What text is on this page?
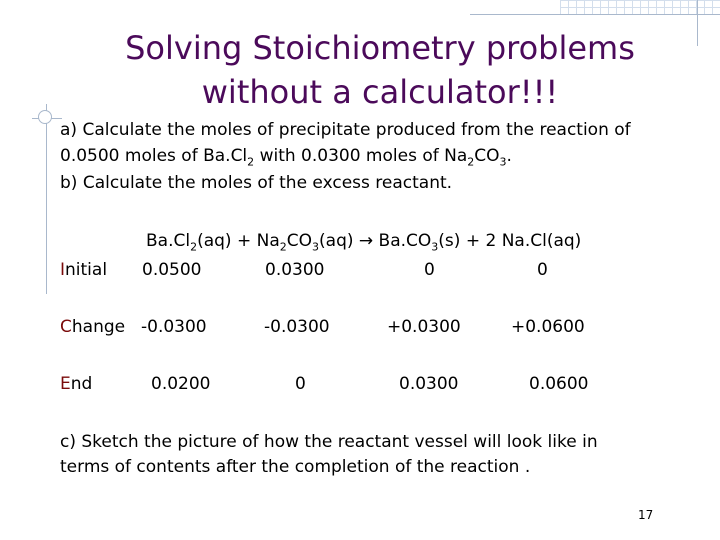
Solving Stoichiometry problems
without a calculator!!!
a) Calculate the moles of precipitate produced from the reaction of
0.0500 moles of $Ba.Cl_2$ with 0.0300 moles of $Na_2CO_3$.
b) Calculate the moles of the excess reactant.
$Ba.Cl_2(aq) + Na_2CO_3(aq) \to Ba.CO_3(s) + 2$ Na.Cl(aq)
Initial 0.0500	0.0300	0	0
Change -0.0300	-0.0300	+0.0300	+0.0600
End	0.0200	0	0.0300	0.0600
c) Sketch the picture of how the reactant vessel will look like in
terms of contents after the completion of the reaction .
17
